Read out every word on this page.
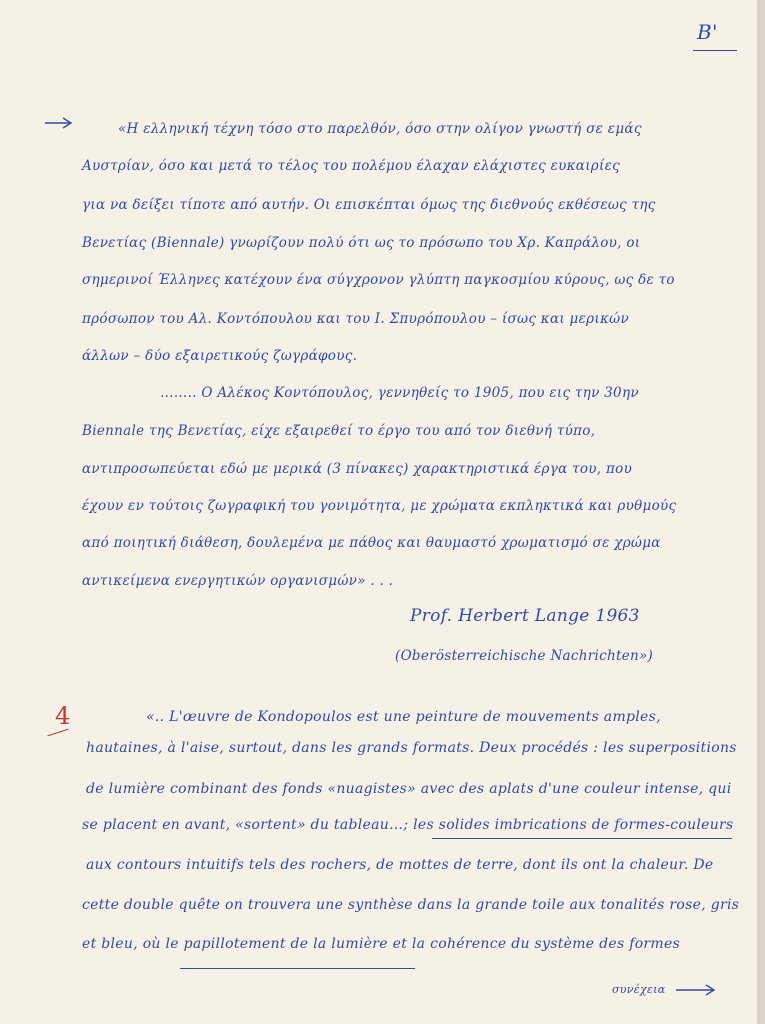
B'
«Η ελληνική τέχνη τόσο στο παρελθόν, όσο στην ολίγον γνωστή σε εμάς
Αυστρίαν, όσο και μετά το τέλος του πολέμου έλαχαν ελάχιστες ευκαιρίες
για να δείξει τίποτε από αυτήν. Οι επισκέπται όμως της διεθνούς εκθέσεως της
Βενετίας (Biennale) γνωρίζουν πολύ ότι ως το πρόσωπο του Χρ. Καπράλου, οι
σημερινοί Έλληνες κατέχουν ένα σύγχρονον γλύπτη παγκοσμίου κύρους, ως δε το
πρόσωπον του Αλ. Κοντόπουλου και του Ι. Σπυρόπουλου – ίσως και μερικών
άλλων – δύο εξαιρετικούς ζωγράφους.
…….. Ο Αλέκος Κοντόπουλος, γεννηθείς το 1905, που εις την 30ην
Biennale της Βενετίας, είχε εξαιρεθεί το έργο του από τον διεθνή τύπο,
αντιπροσωπεύεται εδώ με μερικά (3 πίνακες) χαρακτηριστικά έργα του, που
έχουν εν τούτοις ζωγραφική του γονιμότητα, με χρώματα εκπληκτικά και ρυθμούς
από ποιητική διάθεση, δουλεμένα με πάθος και θαυμαστό χρωματισμό σε χρώμα
αντικείμενα ενεργητικών οργανισμών» . . .
Prof. Herbert Lange 1963
(Oberösterreichische Nachrichten»)
4	«.. L'œuvre de Kondopoulos est une peinture de mouvements amples,
hautaines, à l'aise, surtout, dans les grands formats. Deux procédés : les superpositions
de lumière combinant des fonds «nuagistes» avec des aplats d'une couleur intense, qui
se placent en avant, «sortent» du tableau…; les solides imbrications de formes-couleurs
aux contours intuitifs tels des rochers, de mottes de terre, dont ils ont la chaleur. De
cette double quête on trouvera une synthèse dans la grande toile aux tonalités rose, gris
et bleu, où le papillotement de la lumière et la cohérence du système des formes
συνέχεια
